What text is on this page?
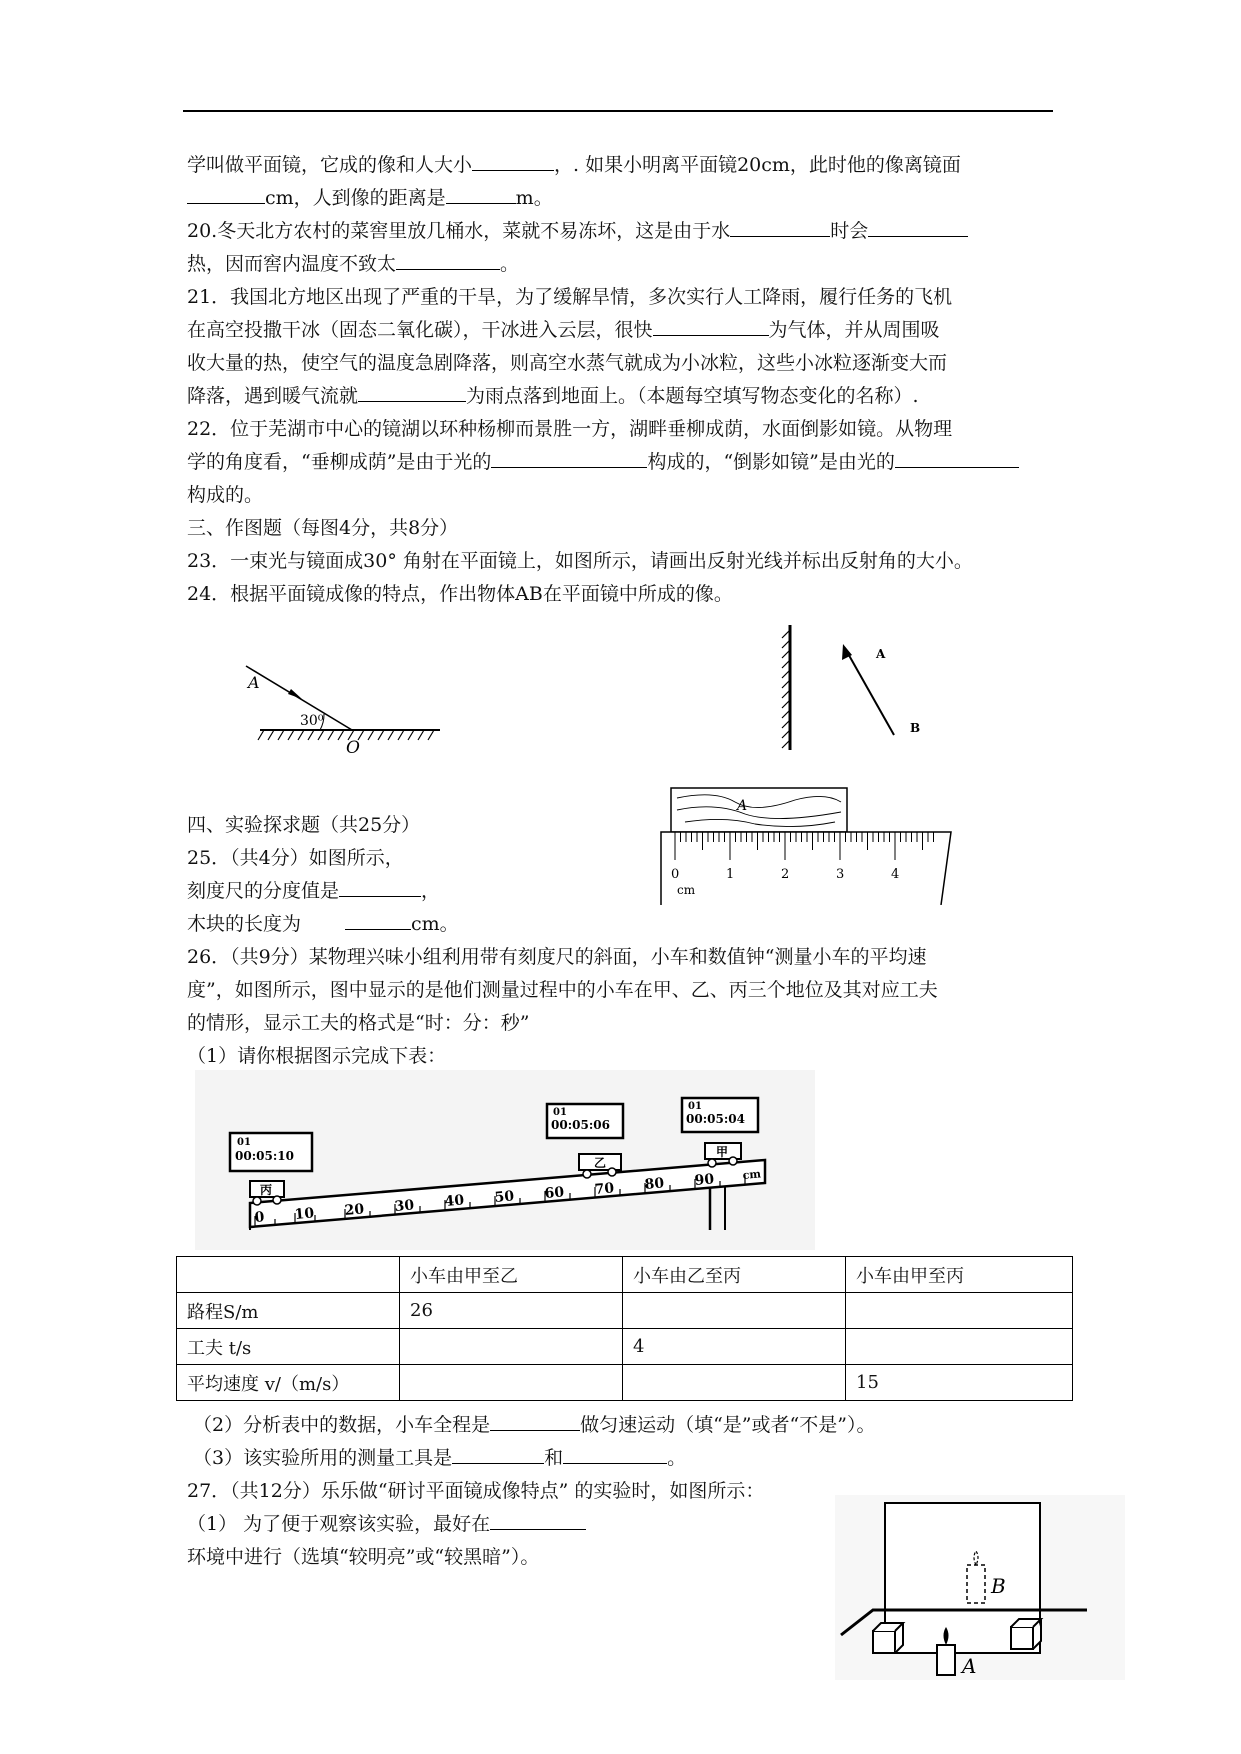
学叫做平面镜，它成的像和人大小	，. 如果小明离平面镜20cm，此时他的像离镜面
cm，人到像的距离是	m。
20.冬天北方农村的菜窖里放几桶水，菜就不易冻坏，这是由于水	时会
热，因而窖内温度不致太	。
21．我国北方地区出现了严重的干旱，为了缓解旱情，多次实行人工降雨，履行任务的飞机
在高空投撒干冰（固态二氧化碳），干冰进入云层，很快	为气体，并从周围吸
收大量的热，使空气的温度急剧降落，则高空水蒸气就成为小冰粒，这些小冰粒逐渐变大而
降落，遇到暖气流就	为雨点落到地面上。（本题每空填写物态变化的名称）.
22．位于芜湖市中心的镜湖以环种杨柳而景胜一方，湖畔垂柳成荫，水面倒影如镜。从物理
学的角度看，“垂柳成荫”是由于光的	构成的，“倒影如镜”是由光的
构成的。
三、作图题（每图4分，共8分）
23．一束光与镜面成30° 角射在平面镜上，如图所示，请画出反射光线并标出反射角的大小。
24．根据平面镜成像的特点，作出物体AB在平面镜中所成的像。
A
30⁰
O
A
B
四、实验探求题（共25分）
25．（共4分）如图所示，
刻度尺的分度值是	，
木块的长度为	cm。
A
0	1	2	3	4
cm
26．（共9分）某物理兴味小组利用带有刻度尺的斜面，小车和数值钟“测量小车的平均速
度”，如图所示，图中显示的是他们测量过程中的小车在甲、乙、丙三个地位及其对应工夫
的情形，显示工夫的格式是“时：分：秒”
（1）请你根据图示完成下表：
0 10 20 30 40 50 60 70 80 90 cm
01
00:05:10
丙
01
00:05:06
乙
01
00:05:04
甲
	小车由甲至乙	小车由乙至丙	小车由甲至丙
路程S/m	26		
工夫 t/s		4	
平均速度 v/（m/s）			15
（2）分析表中的数据，小车全程是	做匀速运动（填“是”或者“不是”）。
（3）该实验所用的测量工具是	和	。
27．（共12分）乐乐做“研讨平面镜成像特点” 的实验时，如图所示：
（1） 为了便于观察该实验，最好在
环境中进行（选填“较明亮”或“较黑暗”）。
B
A
